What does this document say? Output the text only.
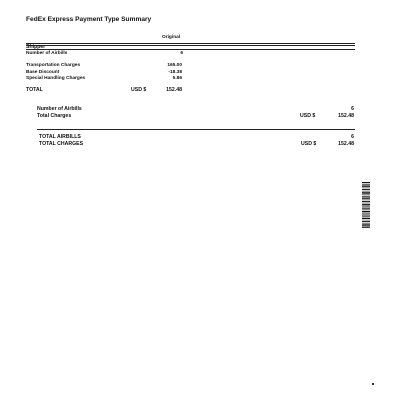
FedEx Express Payment Type Summary
Original
Shipper
Number of Airbills	6
Transportation Charges	165.00
Base Discount	-18.38
Special Handling Charges	5.86
TOTAL	USD $	152.48
Number of Airbills	6
Total Charges	USD $	152.48
TOTAL AIRBILLS	6
TOTAL CHARGES	USD $	152.48
